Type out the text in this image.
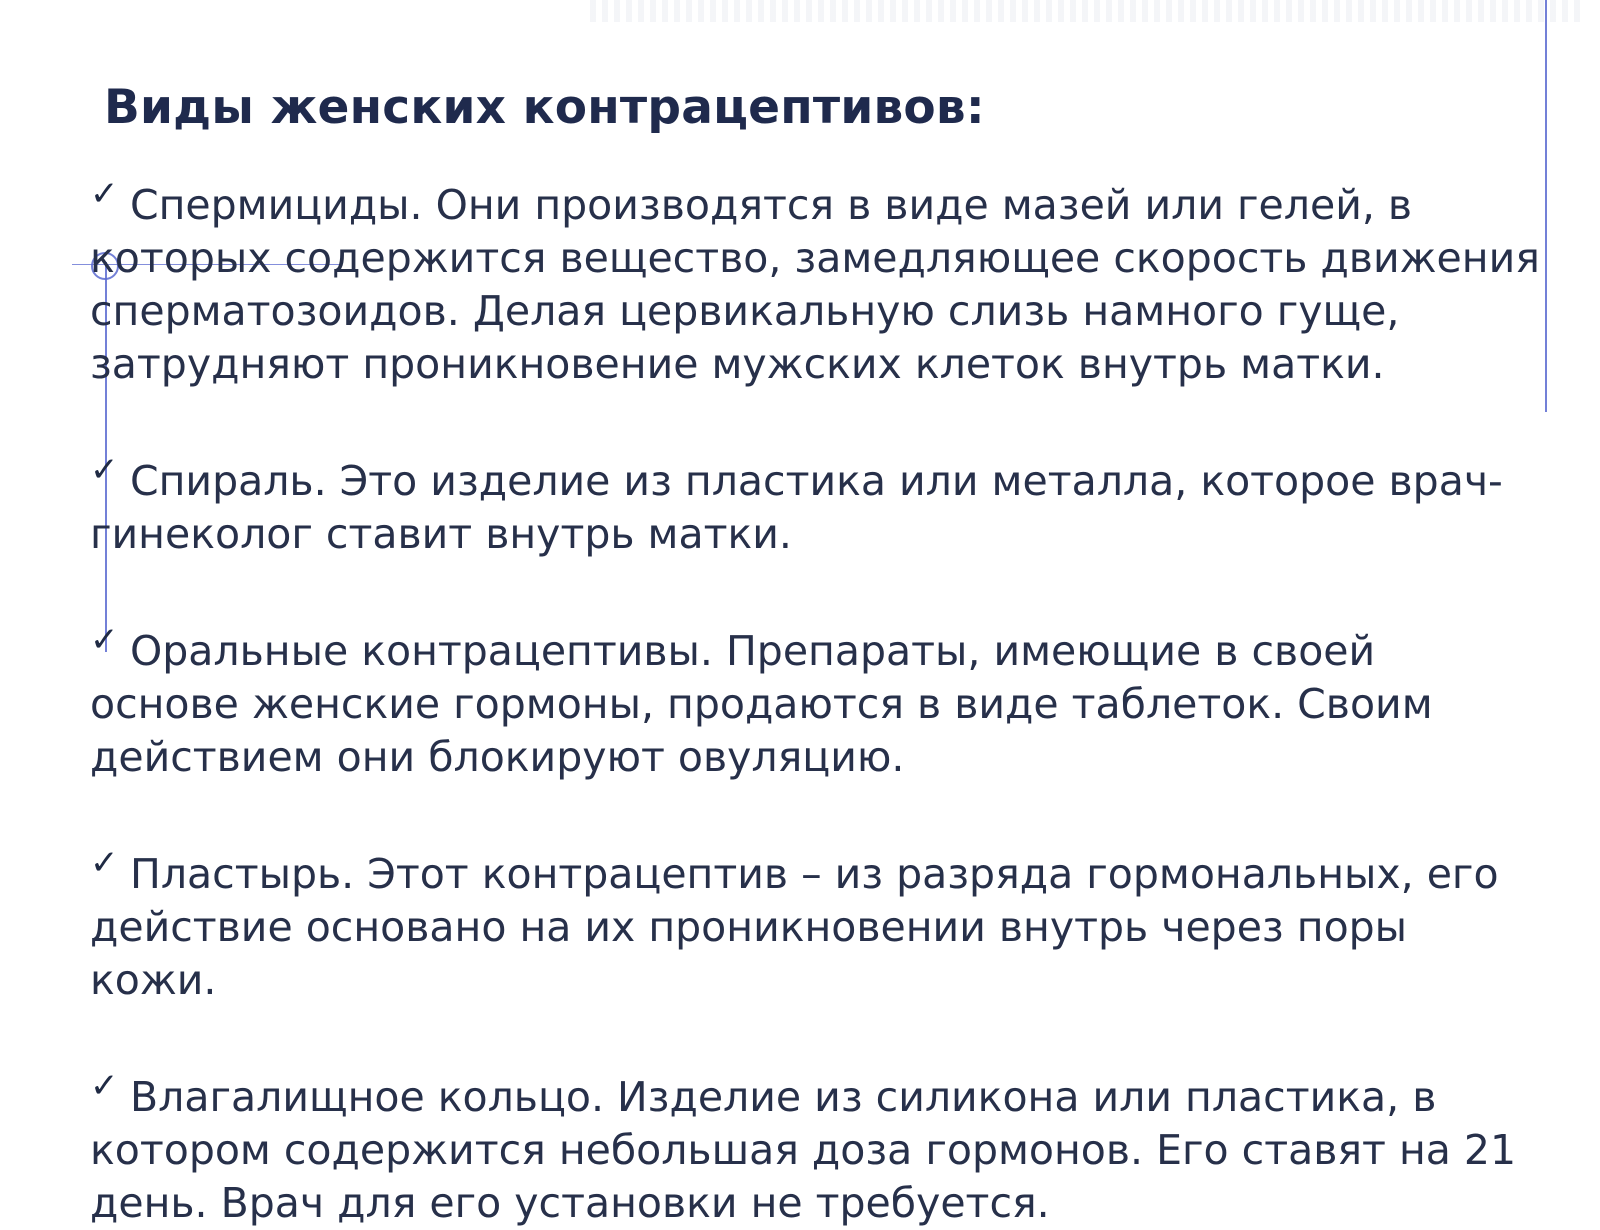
Виды женских контрацептивов:
✓ Спермициды. Они производятся в виде мазей или гелей, в
которых содержится вещество, замедляющее скорость движения
сперматозоидов. Делая цервикальную слизь намного гуще,
затрудняют проникновение мужских клеток внутрь матки.
✓ Спираль. Это изделие из пластика или металла, которое врач-
гинеколог ставит внутрь матки.
✓ Оральные контрацептивы. Препараты, имеющие в своей
основе женские гормоны, продаются в виде таблеток. Своим
действием они блокируют овуляцию.
✓ Пластырь. Этот контрацептив – из разряда гормональных, его
действие основано на их проникновении внутрь через поры
кожи.
✓ Влагалищное кольцо. Изделие из силикона или пластика, в
котором содержится небольшая доза гормонов. Его ставят на 21
день. Врач для его установки не требуется.
